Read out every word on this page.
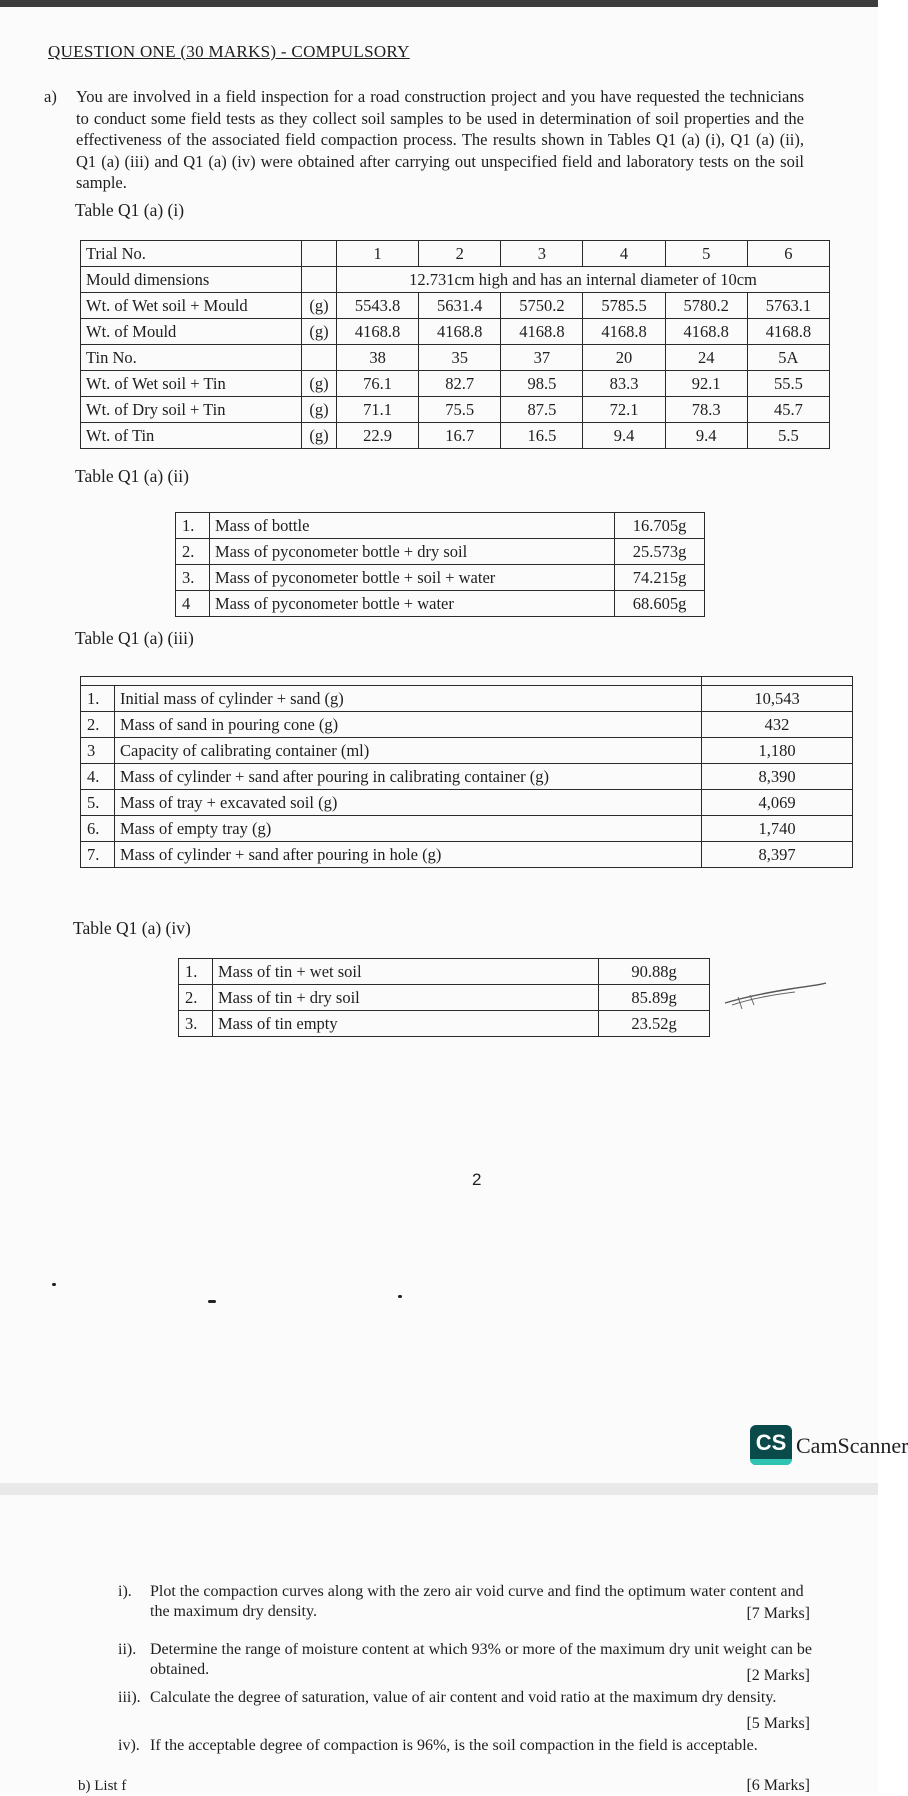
QUESTION ONE (30 MARKS) - COMPULSORY
a) You are involved in a field inspection for a road construction project and you have requested the technicians to conduct some field tests as they collect soil samples to be used in determination of soil properties and the effectiveness of the associated field compaction process. The results shown in Tables Q1 (a) (i), Q1 (a) (ii), Q1 (a) (iii) and Q1 (a) (iv) were obtained after carrying out unspecified field and laboratory tests on the soil sample.
Table Q1 (a) (i)
Trial No.		1	2	3	4	5	6
Mould dimensions		12.731cm high and has an internal diameter of 10cm					
Wt. of Wet soil + Mould	(g)	5543.8	5631.4	5750.2	5785.5	5780.2	5763.1
Wt. of Mould	(g)	4168.8	4168.8	4168.8	4168.8	4168.8	4168.8
Tin No.		38	35	37	20	24	5A
Wt. of Wet soil + Tin	(g)	76.1	82.7	98.5	83.3	92.1	55.5
Wt. of Dry soil + Tin	(g)	71.1	75.5	87.5	72.1	78.3	45.7
Wt. of Tin	(g)	22.9	16.7	16.5	9.4	9.4	5.5
Table Q1 (a) (ii)
1.	Mass of bottle	16.705g
2.	Mass of pyconometer bottle + dry soil	25.573g
3.	Mass of pyconometer bottle + soil + water	74.215g
4	Mass of pyconometer bottle + water	68.605g
Table Q1 (a) (iii)

1.	Initial mass of cylinder + sand (g)	10,543
2.	Mass of sand in pouring cone (g)	432
3	Capacity of calibrating container (ml)	1,180
4.	Mass of cylinder + sand after pouring in calibrating container (g)	8,390
5.	Mass of tray + excavated soil (g)	4,069
6.	Mass of empty tray (g)	1,740
7.	Mass of cylinder + sand after pouring in hole (g)	8,397
Table Q1 (a) (iv)
1.	Mass of tin + wet soil	90.88g
2.	Mass of tin + dry soil	85.89g
3.	Mass of tin empty	23.52g
2
CS CamScanner
i). Plot the compaction curves along with the zero air void curve and find the optimum water content and the maximum dry density.	[7 Marks]
ii). Determine the range of moisture content at which 93% or more of the maximum dry unit weight can be obtained.	[2 Marks]
iii). Calculate the degree of saturation, value of air content and void ratio at the maximum dry density.
[5 Marks]
iv). If the acceptable degree of compaction is 96%, is the soil compaction in the field is acceptable.
[6 Marks]
b) List f
